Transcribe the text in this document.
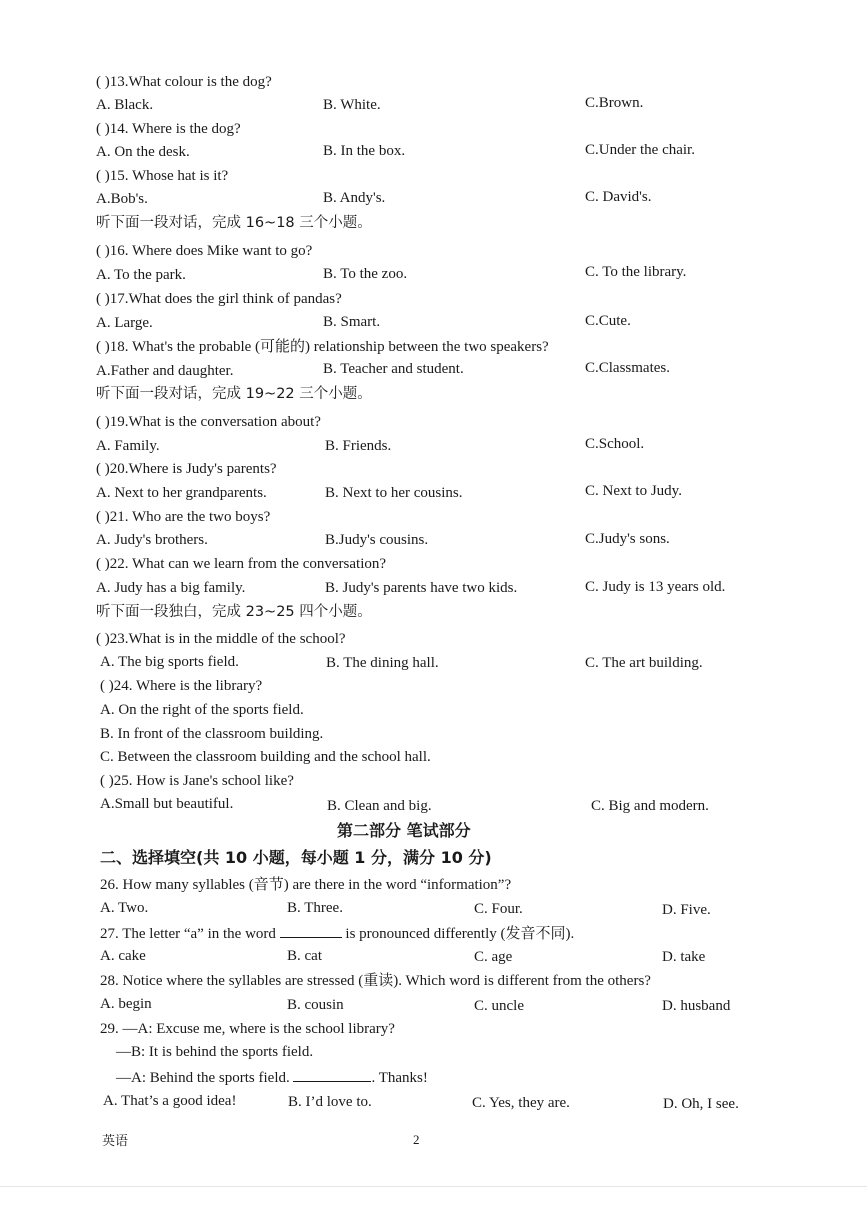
( )13.What colour is the dog?
A. Black.	B. White.	C.Brown.
( )14. Where is the dog?
A. On the desk.	B. In the box.	C.Under the chair.
( )15. Whose hat is it?
A.Bob's.	B. Andy's.	C. David's.
听下面一段对话，完成 16~18 三个小题。
( )16. Where does Mike want to go?
A. To the park.	B. To the zoo.	C. To the library.
( )17.What does the girl think of pandas?
A. Large.	B. Smart.	C.Cute.
( )18. What's the probable (可能的) relationship between the two speakers?
A.Father and daughter.	B. Teacher and student.	C.Classmates.
听下面一段对话，完成 19~22 三个小题。
( )19.What is the conversation about?
A. Family.	B. Friends.	C.School.
( )20.Where is Judy's parents?
A. Next to her grandparents.	B. Next to her cousins.	C. Next to Judy.
( )21. Who are the two boys?
A. Judy's brothers.	B.Judy's cousins.	C.Judy's sons.
( )22. What can we learn from the conversation?
A. Judy has a big family.	B. Judy's parents have two kids.	C. Judy is 13 years old.
听下面一段独白，完成 23~25 四个小题。
( )23.What is in the middle of the school?
A. The big sports field.	B. The dining hall.	C. The art building.
( )24. Where is the library?
A. On the right of the sports field.
B. In front of the classroom building.
C. Between the classroom building and the school hall.
( )25. How is Jane's school like?
A.Small but beautiful.	B. Clean and big.	C. Big and modern.
第二部分 笔试部分
二、选择填空(共 10 小题，每小题 1 分，满分 10 分)
26. How many syllables (音节) are there in the word “information”?
A. Two.	B. Three.	C. Four.	D. Five.
27. The letter “a” in the word	is pronounced differently (发音不同).
A. cake	B. cat	C. age	D. take
28. Notice where the syllables are stressed (重读). Which word is different from the others?
A. begin	B. cousin	C. uncle	D. husband
29. —A: Excuse me, where is the school library?
—B: It is behind the sports field.
—A: Behind the sports field.	. Thanks!
A. That’s a good idea!	B. I’d love to.	C. Yes, they are.	D. Oh, I see.
英语	2
